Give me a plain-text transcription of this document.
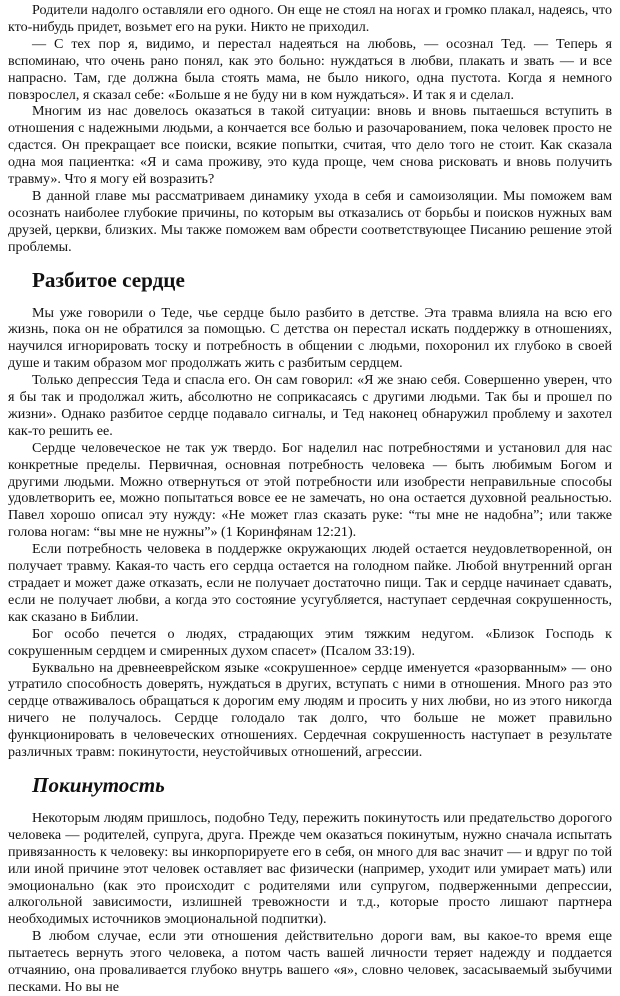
Родители надолго оставляли его одного. Он еще не стоял на ногах и громко плакал, надеясь, что кто-нибудь придет, возьмет его на руки. Никто не приходил.

— С тех пор я, видимо, и перестал надеяться на любовь, — осознал Тед. — Теперь я вспоминаю, что очень рано понял, как это больно: нуждаться в любви, плакать и звать — и все напрасно. Там, где должна была стоять мама, не было никого, одна пустота. Когда я немного повзрослел, я сказал себе: «Больше я не буду ни в ком нуждаться». И так я и сделал.

Многим из нас довелось оказаться в такой ситуации: вновь и вновь пытаешься вступить в отношения с надежными людьми, а кончается все болью и разочарованием, пока человек просто не сдастся. Он прекращает все поиски, всякие попытки, считая, что дело того не стоит. Как сказала одна моя пациентка: «Я и сама проживу, это куда проще, чем снова рисковать и вновь получить травму». Что я могу ей возразить?

В данной главе мы рассматриваем динамику ухода в себя и самоизоляции. Мы поможем вам осознать наиболее глубокие причины, по которым вы отказались от борьбы и поисков нужных вам друзей, церкви, близких. Мы также поможем вам обрести соответствующее Писанию решение этой проблемы.

Разбитое сердце

Мы уже говорили о Теде, чье сердце было разбито в детстве. Эта травма влияла на всю его жизнь, пока он не обратился за помощью. С детства он перестал искать поддержку в отношениях, научился игнорировать тоску и потребность в общении с людьми, похоронил их глубоко в своей душе и таким образом мог продолжать жить с разбитым сердцем.

Только депрессия Теда и спасла его. Он сам говорил: «Я же знаю себя. Совершенно уверен, что я бы так и продолжал жить, абсолютно не соприкасаясь с другими людьми. Так бы и прошел по жизни». Однако разбитое сердце подавало сигналы, и Тед наконец обнаружил проблему и захотел как-то решить ее.

Сердце человеческое не так уж твердо. Бог наделил нас потребностями и установил для нас конкретные пределы. Первичная, основная потребность человека — быть любимым Богом и другими людьми. Можно отвернуться от этой потребности или изобрести неправильные способы удовлетворить ее, можно попытаться вовсе ее не замечать, но она остается духовной реальностью. Павел хорошо описал эту нужду: «Не может глаз сказать руке: “ты мне не надобна”; или также голова ногам: “вы мне не нужны”» (1 Коринфянам 12:21).

Если потребность человека в поддержке окружающих людей остается неудовлетворенной, он получает травму. Какая-то часть его сердца остается на голодном пайке. Любой внутренний орган страдает и может даже отказать, если не получает достаточно пищи. Так и сердце начинает сдавать, если не получает любви, а когда это состояние усугубляется, наступает сердечная сокрушенность, как сказано в Библии.

Бог особо печется о людях, страдающих этим тяжким недугом. «Близок Господь к сокрушенным сердцем и смиренных духом спасет» (Псалом 33:19).

Буквально на древнееврейском языке «сокрушенное» сердце именуется «разорванным» — оно утратило способность доверять, нуждаться в других, вступать с ними в отношения. Много раз это сердце отваживалось обращаться к дорогим ему людям и просить у них любви, но из этого никогда ничего не получалось. Сердце голодало так долго, что больше не может правильно функционировать в человеческих отношениях. Сердечная сокрушенность наступает в результате различных травм: покинутости, неустойчивых отношений, агрессии.

Покинутость

Некоторым людям пришлось, подобно Теду, пережить покинутость или предательство дорогого человека — родителей, супруга, друга. Прежде чем оказаться покинутым, нужно сначала испытать привязанность к человеку: вы инкорпорируете его в себя, он много для вас значит — и вдруг по той или иной причине этот человек оставляет вас физически (например, уходит или умирает мать) или эмоционально (как это происходит с родителями или супругом, подверженными депрессии, алкогольной зависимости, излишней тревожности и т.д., которые просто лишают партнера необходимых источников эмоциональной подпитки).

В любом случае, если эти отношения действительно дороги вам, вы какое-то время еще пытаетесь вернуть этого человека, а потом часть вашей личности теряет надежду и поддается отчаянию, она проваливается глубоко внутрь вашего «я», словно человек, засасываемый зыбучими песками. Но вы не
